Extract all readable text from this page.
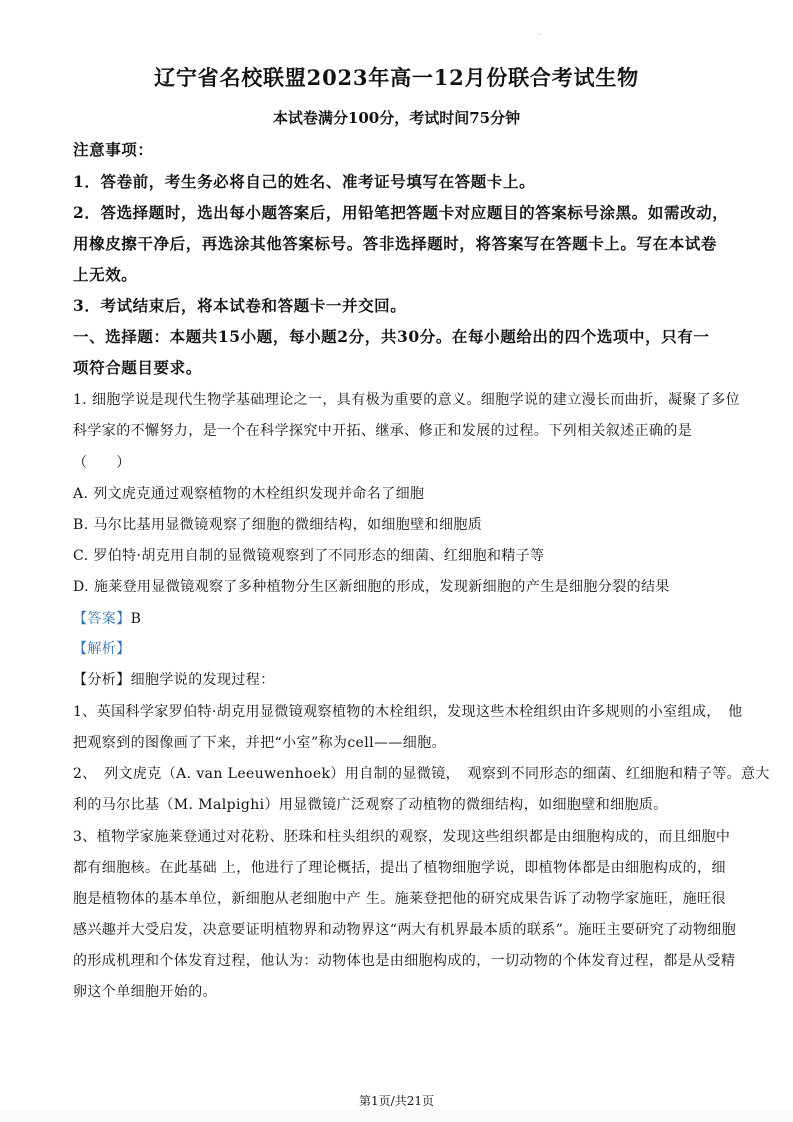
·
辽宁省名校联盟2023年高一12月份联合考试生物
本试卷满分100分，考试时间75分钟
注意事项：
1．答卷前，考生务必将自己的姓名、准考证号填写在答题卡上。
2．答选择题时，选出每小题答案后，用铅笔把答题卡对应题目的答案标号涂黑。如需改动，
用橡皮擦干净后，再选涂其他答案标号。答非选择题时，将答案写在答题卡上。写在本试卷
上无效。
3．考试结束后，将本试卷和答题卡一并交回。
一、选择题：本题共15小题，每小题2分，共30分。在每小题给出的四个选项中，只有一
项符合题目要求。
1. 细胞学说是现代生物学基础理论之一，具有极为重要的意义。细胞学说的建立漫长而曲折，凝聚了多位
科学家的不懈努力，是一个在科学探究中开拓、继承、修正和发展的过程。下列相关叙述正确的是
（　　）
A. 列文虎克通过观察植物的木栓组织发现并命名了细胞
B. 马尔比基用显微镜观察了细胞的微细结构，如细胞壁和细胞质
C. 罗伯特·胡克用自制的显微镜观察到了不同形态的细菌、红细胞和精子等
D. 施莱登用显微镜观察了多种植物分生区新细胞的形成，发现新细胞的产生是细胞分裂的结果
【答案】B
【解析】
【分析】细胞学说的发现过程：
1、英国科学家罗伯特·胡克用显微镜观察植物的木栓组织，发现这些木栓组织由许多规则的小室组成，　他
把观察到的图像画了下来，并把“小室”称为cell——细胞。
2、　列文虎克（A. van Leeuwenhoek）用自制的显微镜，　观察到不同形态的细菌、红细胞和精子等。意大
利的马尔比基（M. Malpighi）用显微镜广泛观察了动植物的微细结构，如细胞壁和细胞质。
3、植物学家施莱登通过对花粉、胚珠和柱头组织的观察，发现这些组织都是由细胞构成的，而且细胞中
都有细胞核。在此基础 上，他进行了理论概括，提出了植物细胞学说，即植物体都是由细胞构成的，细
胞是植物体的基本单位，新细胞从老细胞中产 生。施莱登把他的研究成果告诉了动物学家施旺，施旺很
感兴趣并大受启发，决意要证明植物界和动物界这“两大有机界最本质的联系”。施旺主要研究了动物细胞
的形成机理和个体发育过程，他认为：动物体也是由细胞构成的，一切动物的个体发育过程，都是从受精
卵这个单细胞开始的。
第1页/共21页
